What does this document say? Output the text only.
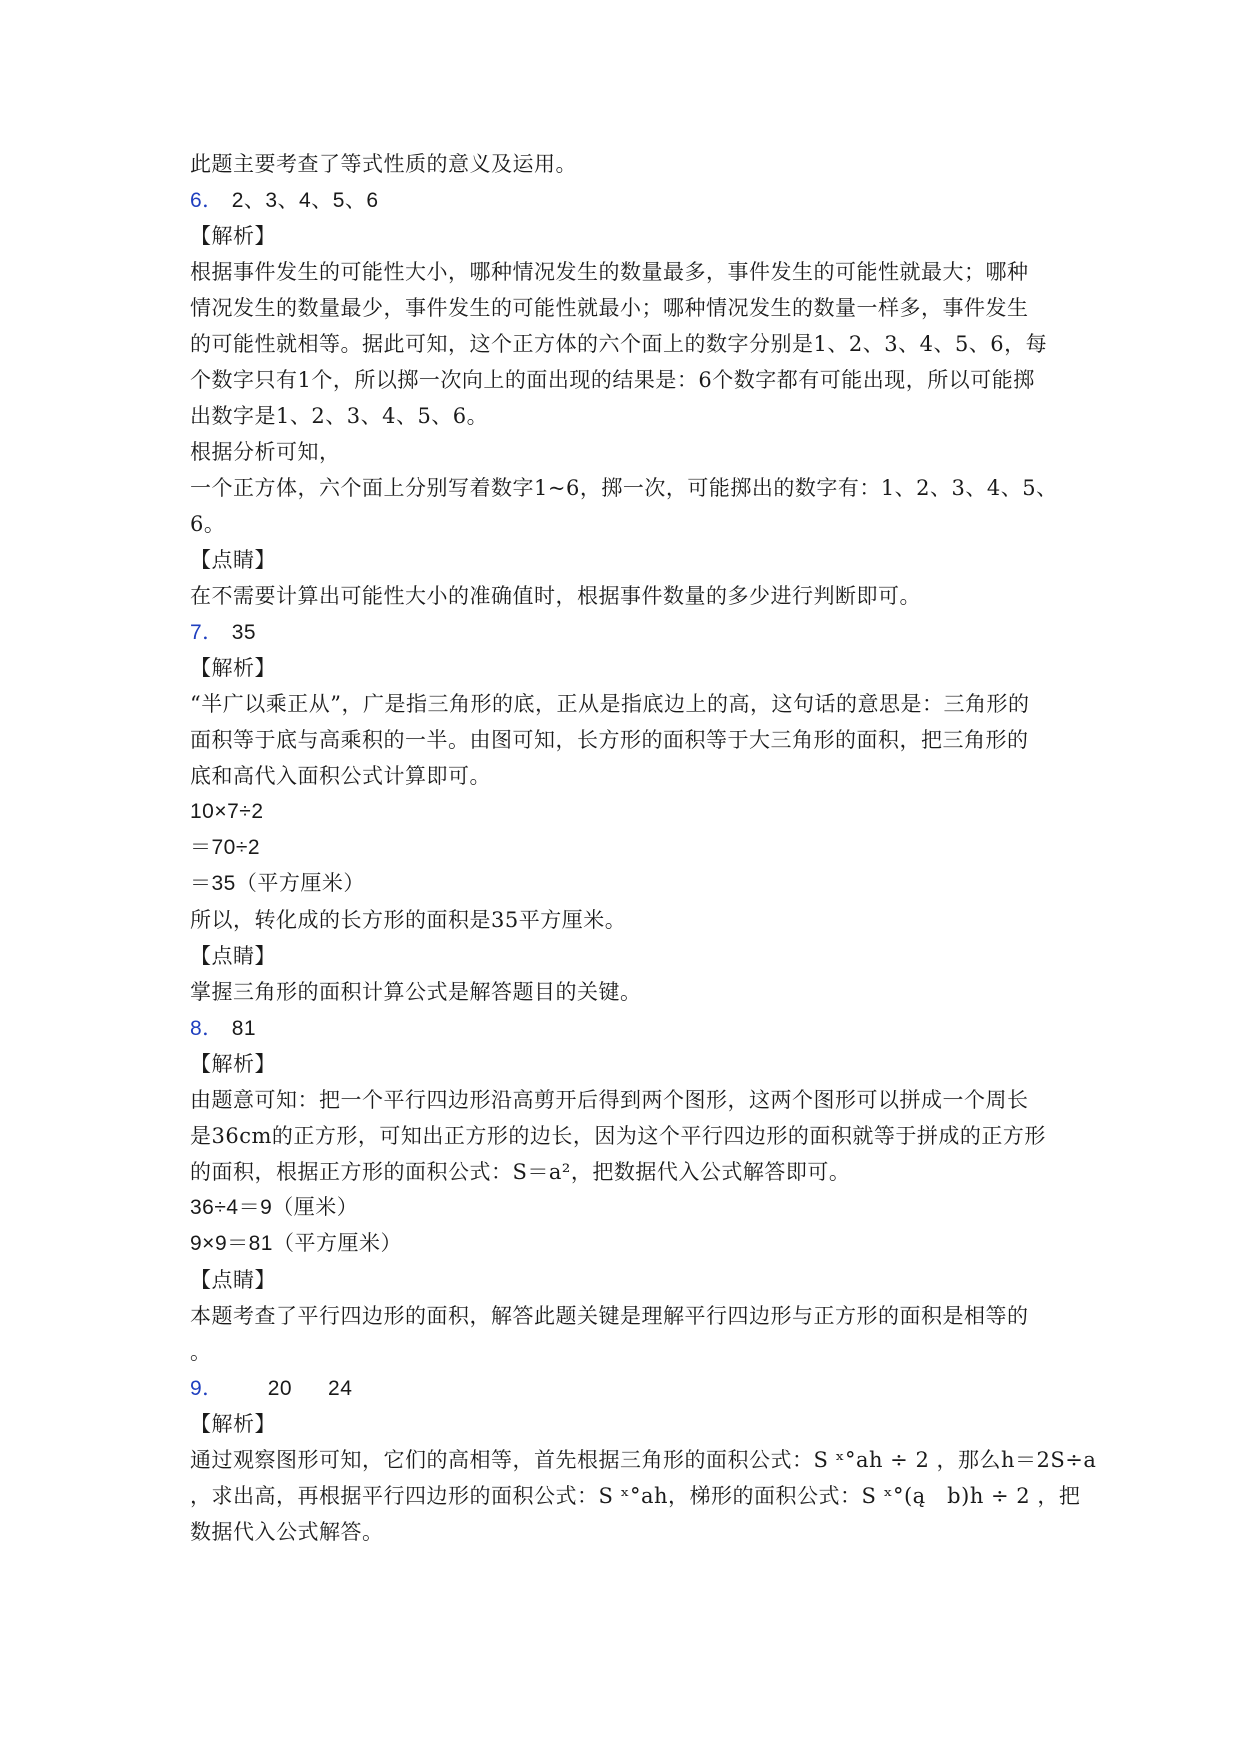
此题主要考查了等式性质的意义及运用。
6． 2、3、4、5、6
【解析】
根据事件发生的可能性大小，哪种情况发生的数量最多，事件发生的可能性就最大；哪种
情况发生的数量最少，事件发生的可能性就最小；哪种情况发生的数量一样多，事件发生
的可能性就相等。据此可知，这个正方体的六个面上的数字分别是1、2、3、4、5、6，每
个数字只有1个，所以掷一次向上的面出现的结果是：6个数字都有可能出现，所以可能掷
出数字是1、2、3、4、5、6。
根据分析可知，
一个正方体，六个面上分别写着数字1~6，掷一次，可能掷出的数字有：1、2、3、4、5、
6。
【点睛】
在不需要计算出可能性大小的准确值时，根据事件数量的多少进行判断即可。
7． 35
【解析】
“半广以乘正从”，广是指三角形的底，正从是指底边上的高，这句话的意思是：三角形的
面积等于底与高乘积的一半。由图可知，长方形的面积等于大三角形的面积，把三角形的
底和高代入面积公式计算即可。
10×7÷2
＝70÷2
＝35（平方厘米）
所以，转化成的长方形的面积是35平方厘米。
【点睛】
掌握三角形的面积计算公式是解答题目的关键。
8． 81
【解析】
由题意可知：把一个平行四边形沿高剪开后得到两个图形，这两个图形可以拼成一个周长
是36cm的正方形，可知出正方形的边长，因为这个平行四边形的面积就等于拼成的正方形
的面积，根据正方形的面积公式：S＝a²，把数据代入公式解答即可。
36÷4＝9（厘米）
9×9＝81（平方厘米）
【点睛】
本题考查了平行四边形的面积，解答此题关键是理解平行四边形与正方形的面积是相等的
。
9． 20 24
【解析】
通过观察图形可知，它们的高相等，首先根据三角形的面积公式：S ˣ°ah ÷ 2 ，那么h＝2S÷a
，求出高，再根据平行四边形的面积公式：S ˣ°ah，梯形的面积公式：S ˣ°(ą　b)h ÷ 2 ，把
数据代入公式解答。
